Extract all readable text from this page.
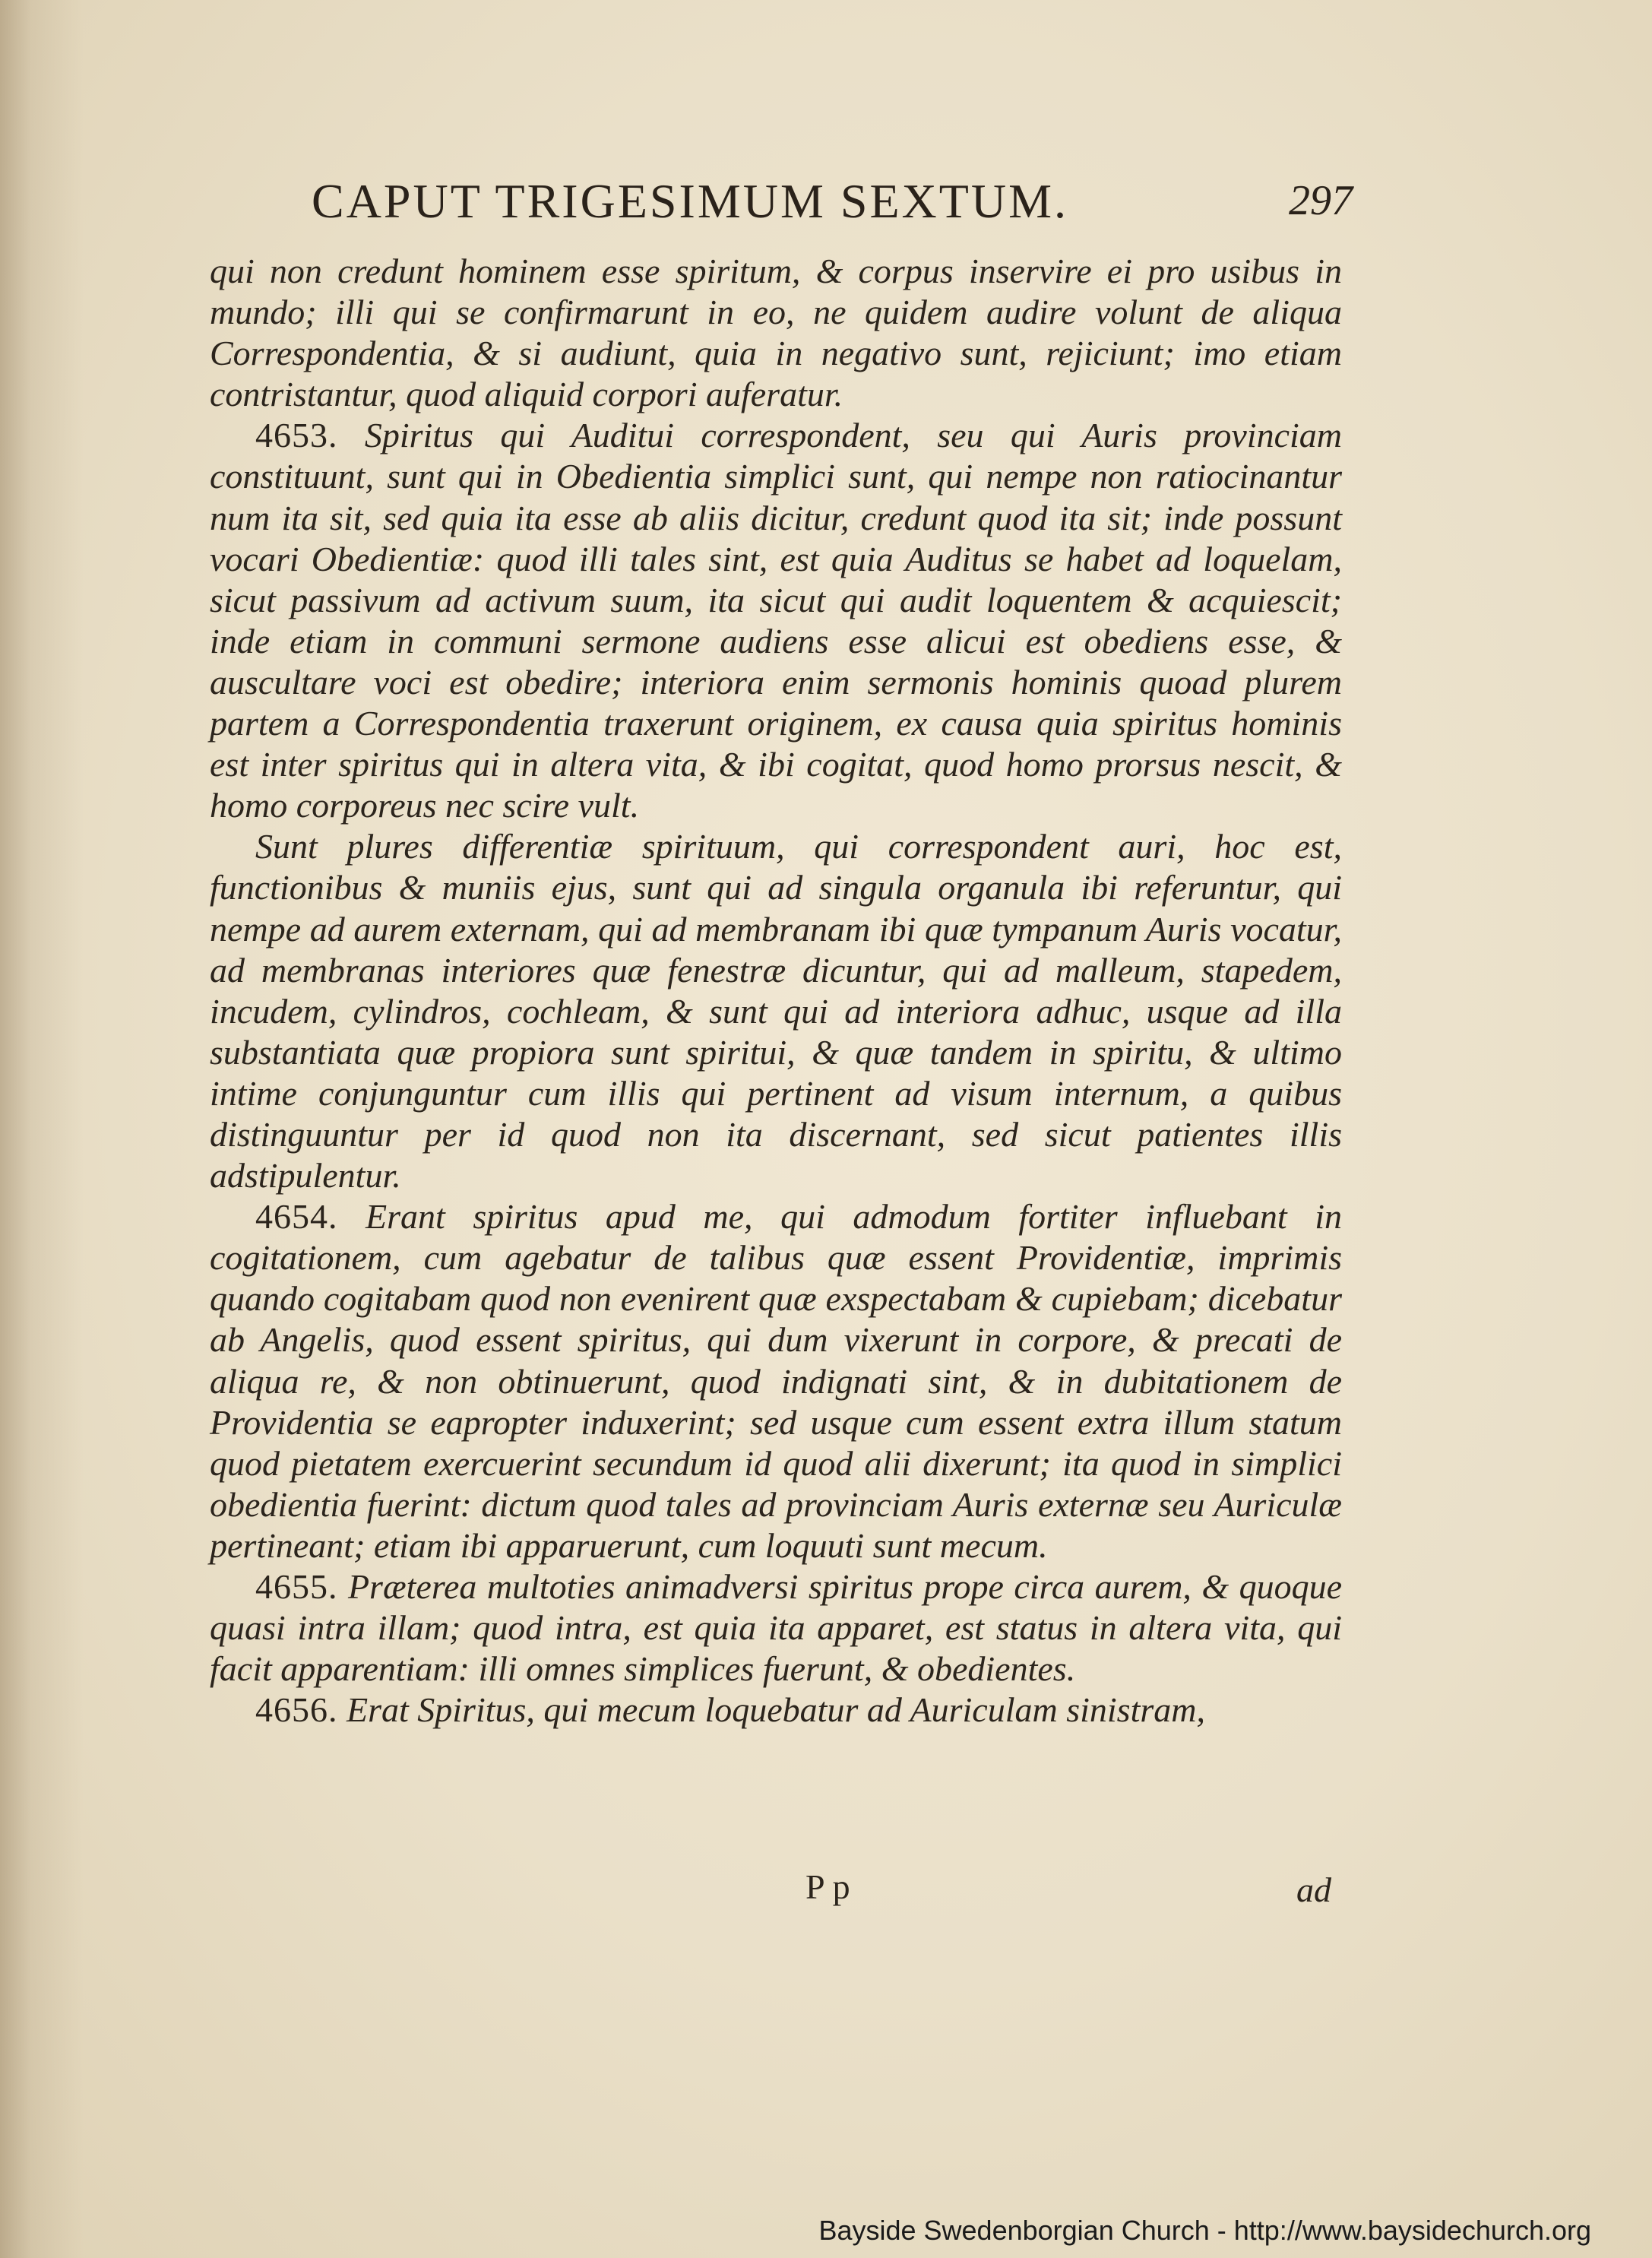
CAPUT TRIGESIMUM SEXTUM.	297

qui non credunt hominem esse spiritum, & corpus inservire ei pro usibus in mundo; illi qui se confirmarunt in eo, ne quidem audire volunt de aliqua Correspondentia, & si audiunt, quia in negativo sunt, rejiciunt; imo etiam contristantur, quod aliquid corpori auferatur.

4653. Spiritus qui Auditui correspondent, seu qui Auris provinciam constituunt, sunt qui in Obedientia simplici sunt, qui nempe non ratiocinantur num ita sit, sed quia ita esse ab aliis dicitur, credunt quod ita sit; inde possunt vocari Obedientiæ: quod illi tales sint, est quia Auditus se habet ad loquelam, sicut passivum ad activum suum, ita sicut qui audit loquentem & acquiescit; inde etiam in communi sermone audiens esse alicui est obediens esse, & auscultare voci est obedire; interiora enim sermonis hominis quoad plurem partem a Correspondentia traxerunt originem, ex causa quia spiritus hominis est inter spiritus qui in altera vita, & ibi cogitat, quod homo prorsus nescit, & homo corporeus nec scire vult.

Sunt plures differentiæ spirituum, qui correspondent auri, hoc est, functionibus & muniis ejus, sunt qui ad singula organula ibi referuntur, qui nempe ad aurem externam, qui ad membranam ibi quæ tympanum Auris vocatur, ad membranas interiores quæ fenestræ dicuntur, qui ad malleum, stapedem, incudem, cylindros, cochleam, & sunt qui ad interiora adhuc, usque ad illa substantiata quæ propiora sunt spiritui, & quæ tandem in spiritu, & ultimo intime conjunguntur cum illis qui pertinent ad visum internum, a quibus distinguuntur per id quod non ita discernant, sed sicut patientes illis adstipulentur.

4654. Erant spiritus apud me, qui admodum fortiter influebant in cogitationem, cum agebatur de talibus quæ essent Providentiæ, imprimis quando cogitabam quod non evenirent quæ exspectabam & cupiebam; dicebatur ab Angelis, quod essent spiritus, qui dum vixerunt in corpore, & precati de aliqua re, & non obtinuerunt, quod indignati sint, & in dubitationem de Providentia se eapropter induxerint; sed usque cum essent extra illum statum quod pietatem exercuerint secundum id quod alii dixerunt; ita quod in simplici obedientia fuerint: dictum quod tales ad provinciam Auris externæ seu Auriculæ pertineant; etiam ibi apparuerunt, cum loquuti sunt mecum.

4655. Præterea multoties animadversi spiritus prope circa aurem, & quoque quasi intra illam; quod intra, est quia ita apparet, est status in altera vita, qui facit apparentiam: illi omnes simplices fuerunt, & obedientes.

4656. Erat Spiritus, qui mecum loquebatur ad Auriculam sinistram,

Pp	ad
Bayside Swedenborgian Church - http://www.baysidechurch.org
